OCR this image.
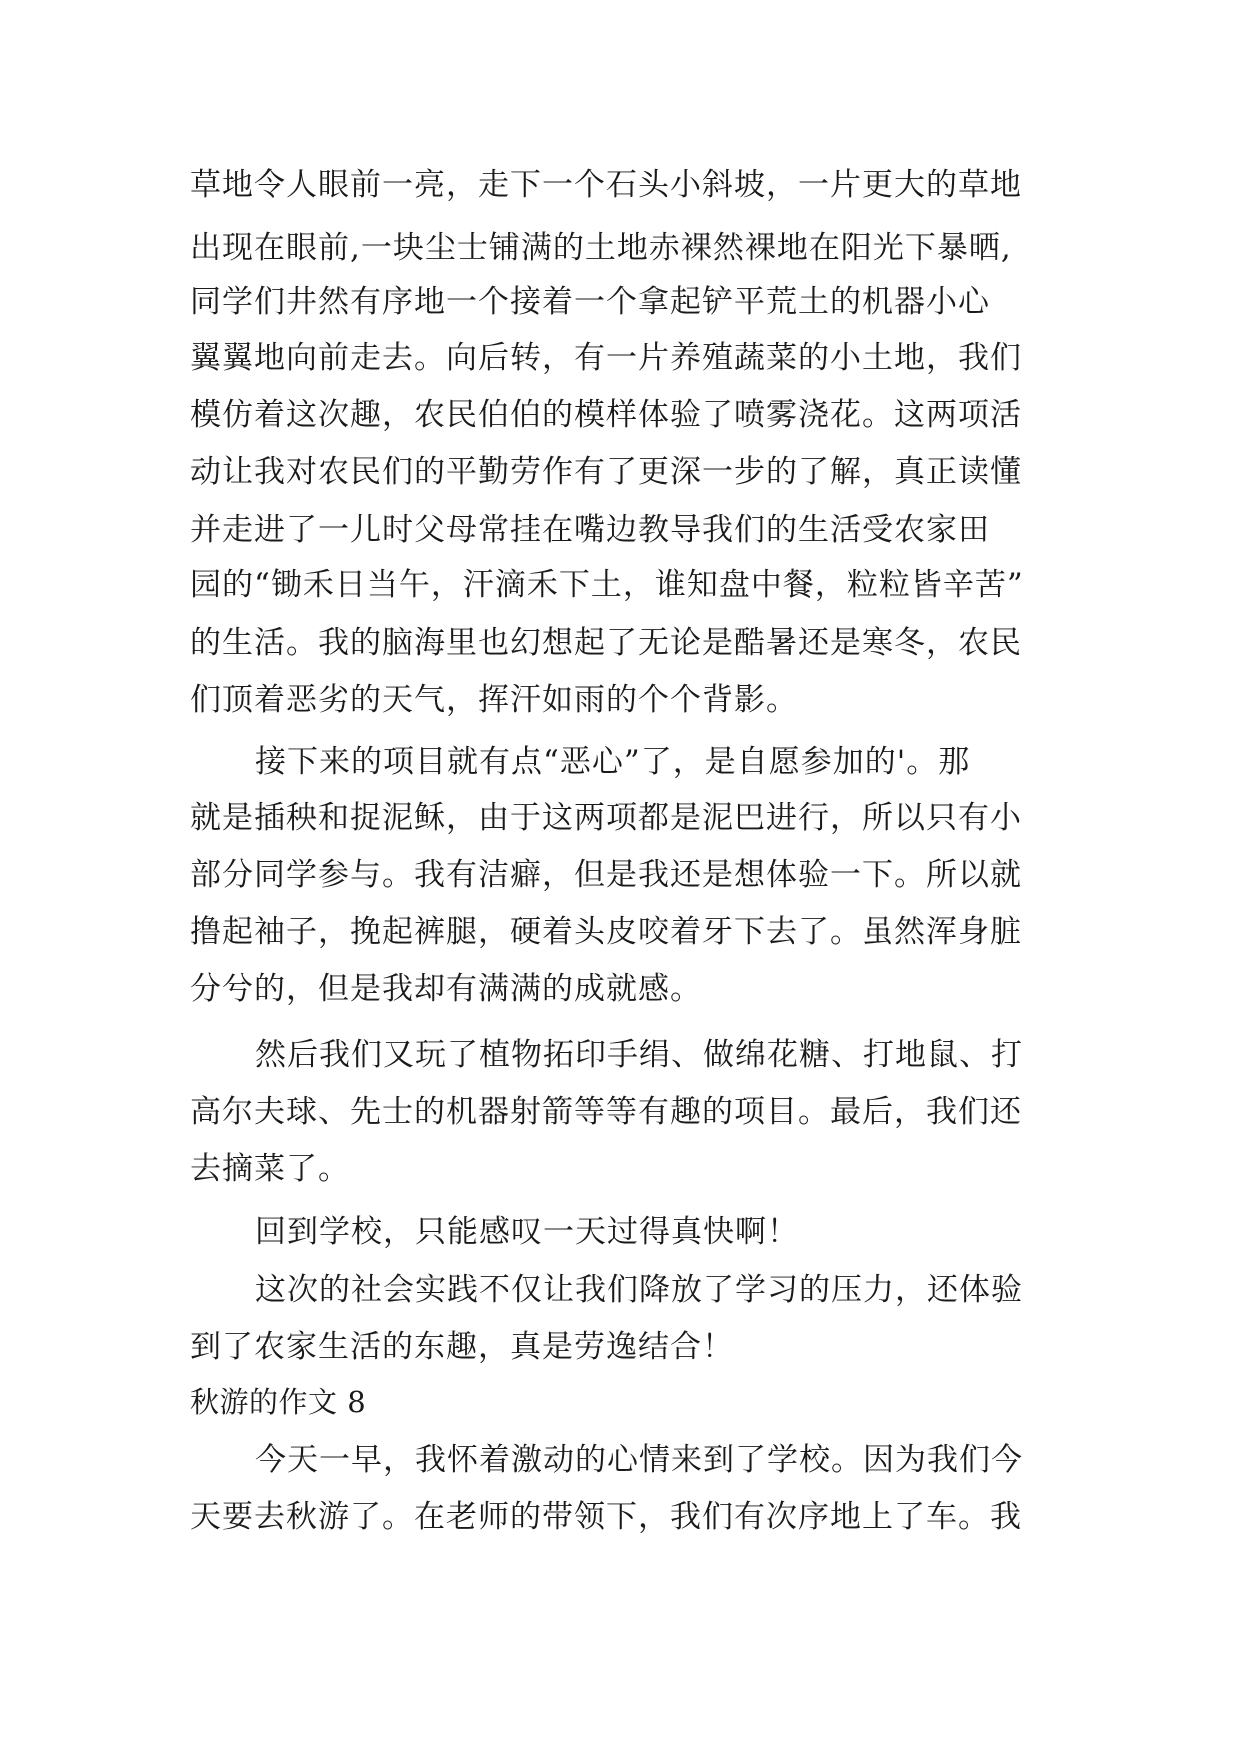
草地令人眼前一亮，走下一个石头小斜坡，一片更大的草地
出现在眼前,一块尘士铺满的土地赤裸然裸地在阳光下暴晒,
同学们井然有序地一个接着一个拿起铲平荒土的机器小心
翼翼地向前走去。向后转，有一片养殖蔬菜的小土地，我们
模仿着这次趣，农民伯伯的模样体验了喷雾浇花。这两项活
动让我对农民们的平勤劳作有了更深一步的了解，真正读懂
并走进了一儿时父母常挂在嘴边教导我们的生活受农家田
园的“锄禾日当午，汗滴禾下土，谁知盘中餐，粒粒皆辛苦”
的生活。我的脑海里也幻想起了无论是酷暑还是寒冬，农民
们顶着恶劣的天气，挥汗如雨的个个背影。
接下来的项目就有点“恶心”了，是自愿参加的'。那
就是插秧和捉泥稣，由于这两项都是泥巴进行，所以只有小
部分同学参与。我有洁癖，但是我还是想体验一下。所以就
撸起袖子，挽起裤腿，硬着头皮咬着牙下去了。虽然浑身脏
分兮的，但是我却有满满的成就感。
然后我们又玩了植物拓印手绢、做绵花糖、打地鼠、打
高尔夫球、先士的机器射箭等等有趣的项目。最后，我们还
去摘菜了。
回到学校，只能感叹一天过得真快啊！
这次的社会实践不仅让我们降放了学习的压力，还体验
到了农家生活的东趣，真是劳逸结合！
秋游的作文 8
今天一早，我怀着激动的心情来到了学校。因为我们今
天要去秋游了。在老师的带领下，我们有次序地上了车。我
